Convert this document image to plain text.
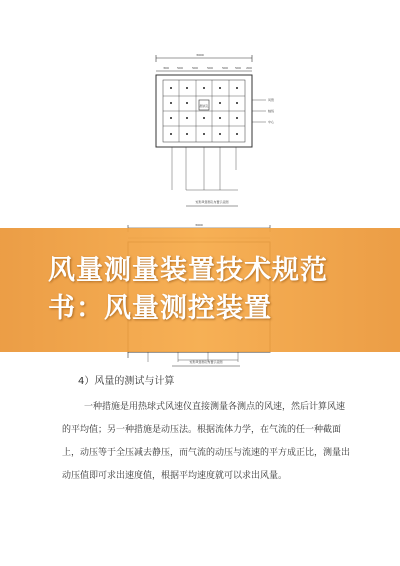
3000
300	500	500	500	500 500 200
测试孔
风管
轴线
中心
矩形风管测孔布置示意图
3000
矩形风管测孔布置示意图
风量测量装置技术规范
书：风量测控装置
4）风量的测试与计算
一种措施是用热球式风速仪直接测量各测点的风速，然后计算风速的平均值；另一种措施是动压法。根据流体力学，在气流的任一种截面上，动压等于全压减去静压，而气流的动压与流速的平方成正比，测量出动压值即可求出速度值，根据平均速度就可以求出风量。
